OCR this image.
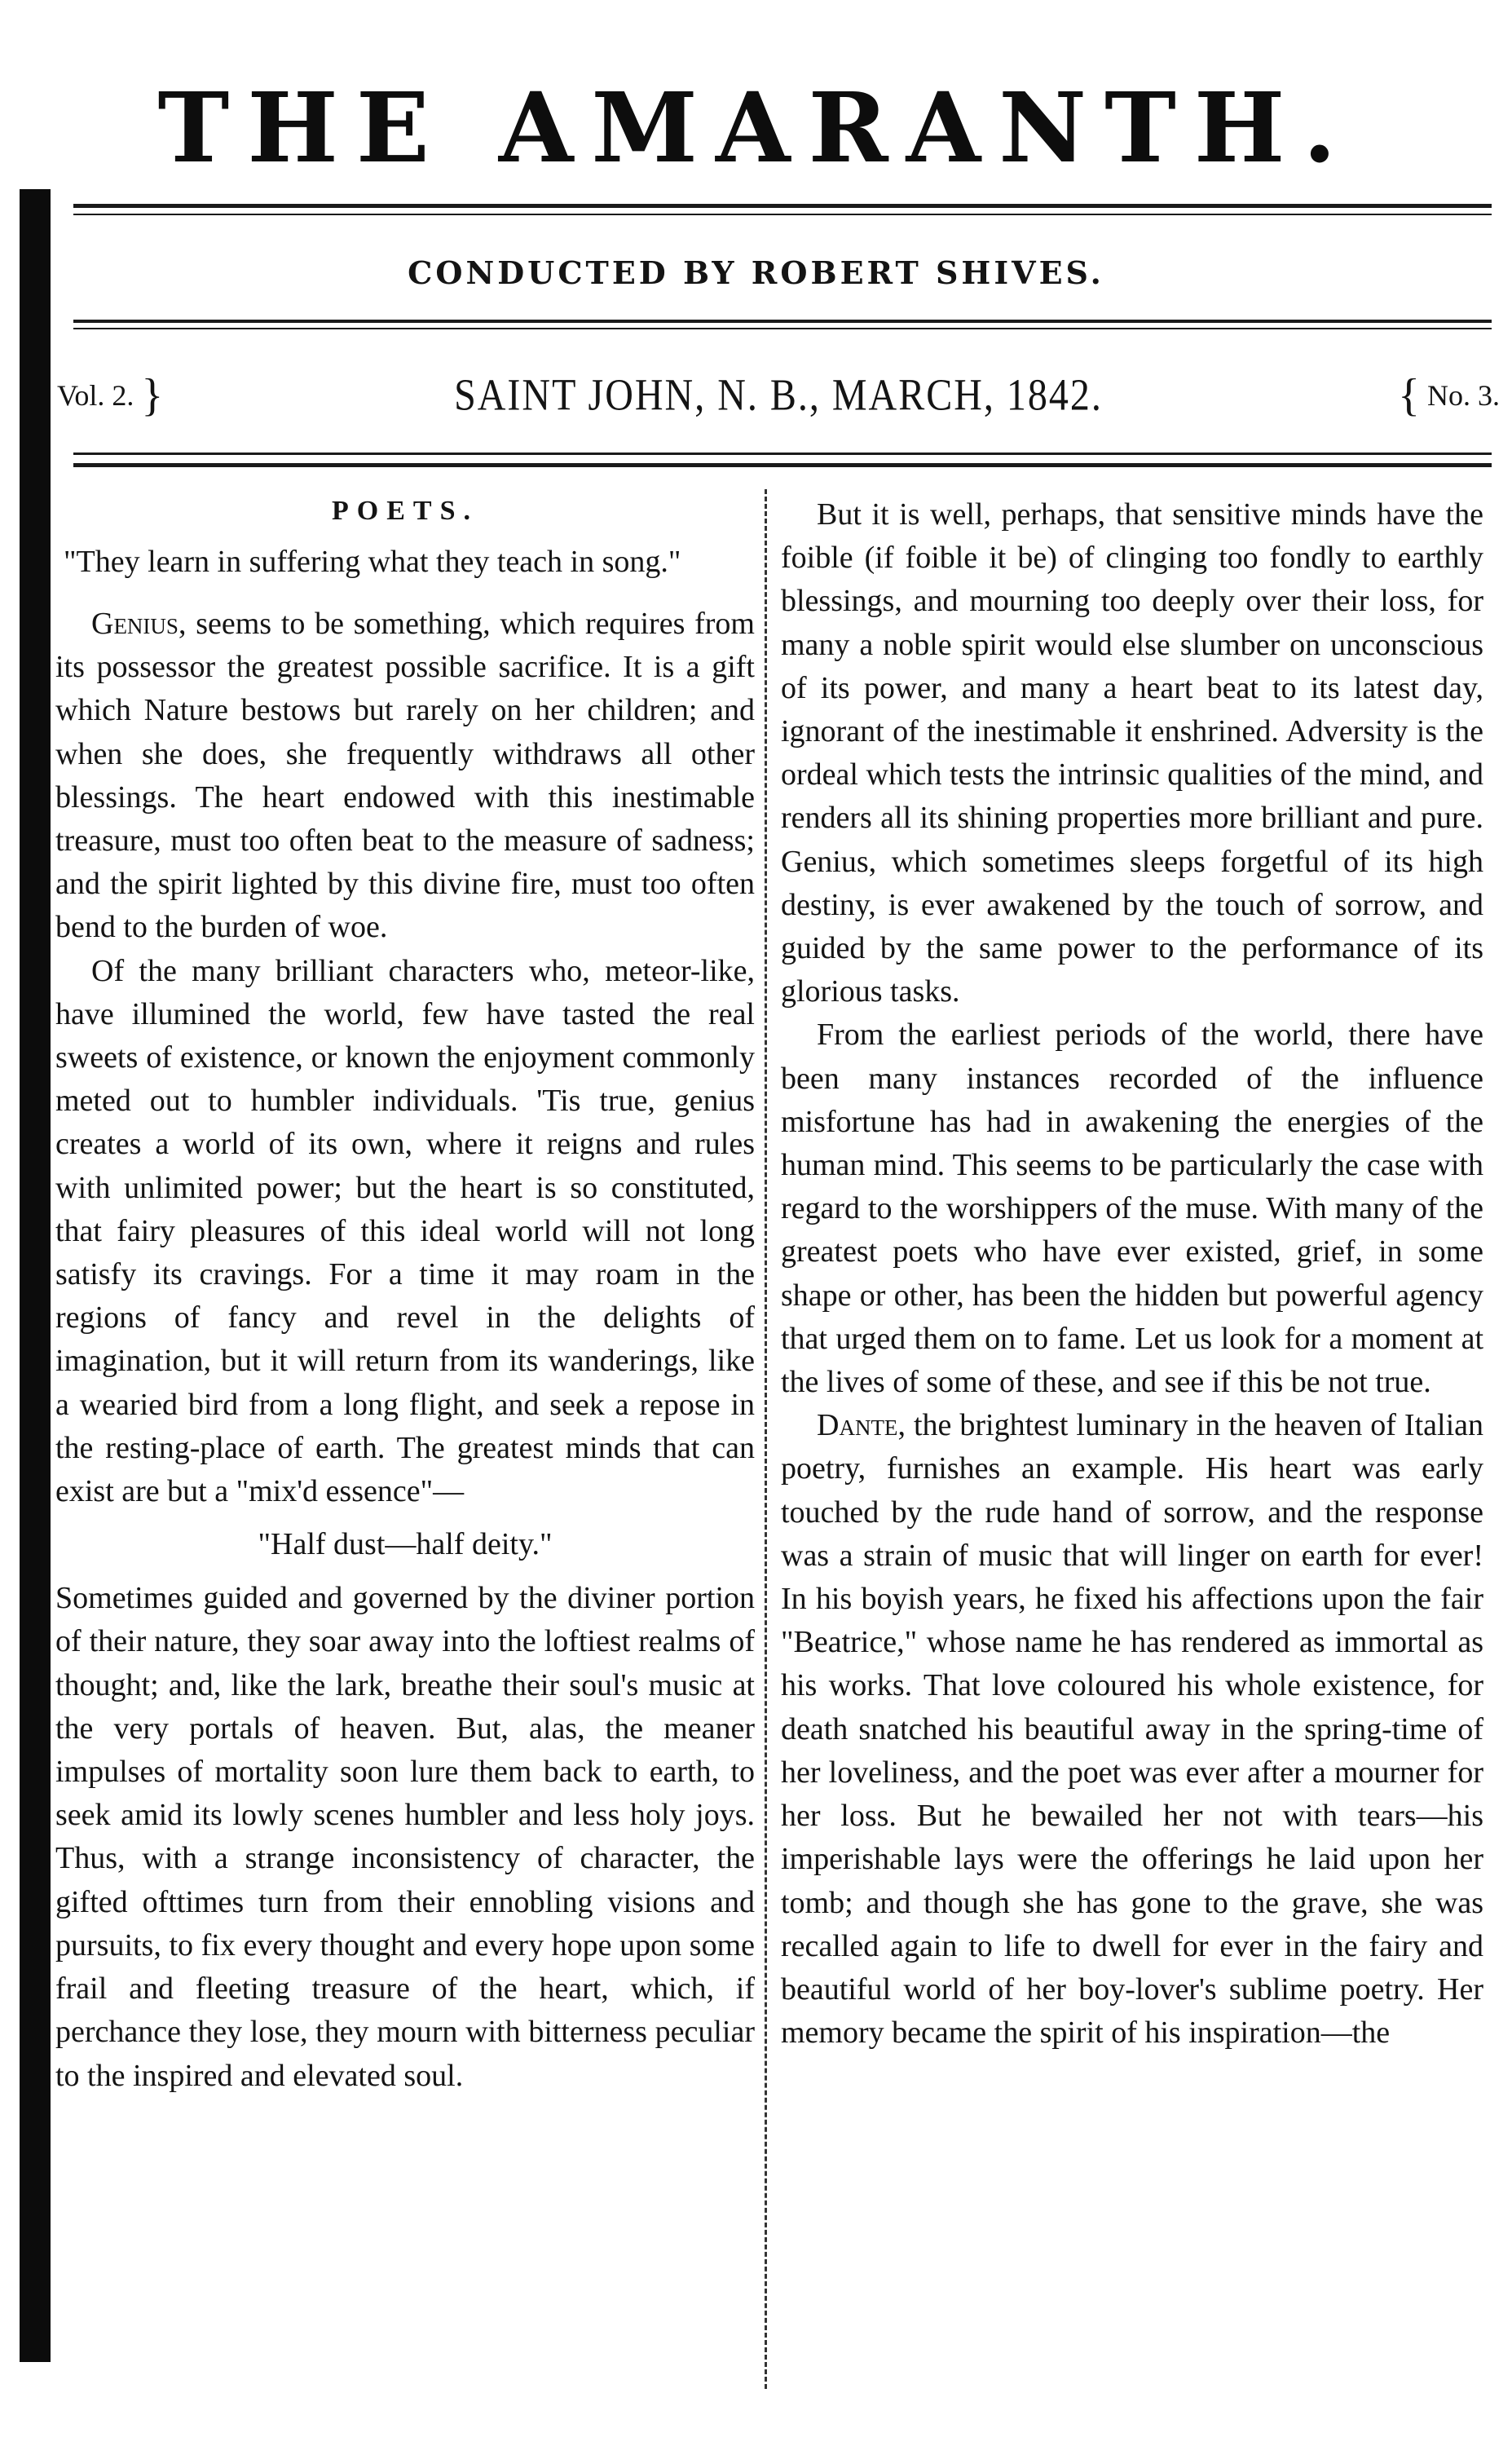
THE AMARANTH.
CONDUCTED BY ROBERT SHIVES.
Vol. 2. }	SAINT JOHN, N. B., MARCH, 1842.	{ No. 3.
POETS.
"They learn in suffering what they teach in song."

Genius, seems to be something, which requires from its possessor the greatest possible sacrifice. It is a gift which Nature bestows but rarely on her children; and when she does, she frequently withdraws all other blessings. The heart endowed with this inestimable treasure, must too often beat to the measure of sadness; and the spirit lighted by this divine fire, must too often bend to the burden of woe.

Of the many brilliant characters who, meteor-like, have illumined the world, few have tasted the real sweets of existence, or known the enjoyment commonly meted out to humbler individuals. 'Tis true, genius creates a world of its own, where it reigns and rules with unlimited power; but the heart is so constituted, that fairy pleasures of this ideal world will not long satisfy its cravings. For a time it may roam in the regions of fancy and revel in the delights of imagination, but it will return from its wanderings, like a wearied bird from a long flight, and seek a repose in the resting-place of earth. The greatest minds that can exist are but a "mix'd essence"—

"Half dust—half deity."

Sometimes guided and governed by the diviner portion of their nature, they soar away into the loftiest realms of thought; and, like the lark, breathe their soul's music at the very portals of heaven. But, alas, the meaner impulses of mortality soon lure them back to earth, to seek amid its lowly scenes humbler and less holy joys. Thus, with a strange inconsistency of character, the gifted ofttimes turn from their ennobling visions and pursuits, to fix every thought and every hope upon some frail and fleeting treasure of the heart, which, if perchance they lose, they mourn with bitterness peculiar to the inspired and elevated soul.

But it is well, perhaps, that sensitive minds have the foible (if foible it be) of clinging too fondly to earthly blessings, and mourning too deeply over their loss, for many a noble spirit would else slumber on unconscious of its power, and many a heart beat to its latest day, ignorant of the inestimable it enshrined. Adversity is the ordeal which tests the intrinsic qualities of the mind, and renders all its shining properties more brilliant and pure. Genius, which sometimes sleeps forgetful of its high destiny, is ever awakened by the touch of sorrow, and guided by the same power to the performance of its glorious tasks.

From the earliest periods of the world, there have been many instances recorded of the influence misfortune has had in awakening the energies of the human mind. This seems to be particularly the case with regard to the worshippers of the muse. With many of the greatest poets who have ever existed, grief, in some shape or other, has been the hidden but powerful agency that urged them on to fame. Let us look for a moment at the lives of some of these, and see if this be not true.

Dante, the brightest luminary in the heaven of Italian poetry, furnishes an example. His heart was early touched by the rude hand of sorrow, and the response was a strain of music that will linger on earth for ever! In his boyish years, he fixed his affections upon the fair "Beatrice," whose name he has rendered as immortal as his works. That love coloured his whole existence, for death snatched his beautiful away in the spring-time of her loveliness, and the poet was ever after a mourner for her loss. But he bewailed her not with tears—his imperishable lays were the offerings he laid upon her tomb; and though she has gone to the grave, she was recalled again to life to dwell for ever in the fairy and beautiful world of her boy-lover's sublime poetry. Her memory became the spirit of his inspiration—the
